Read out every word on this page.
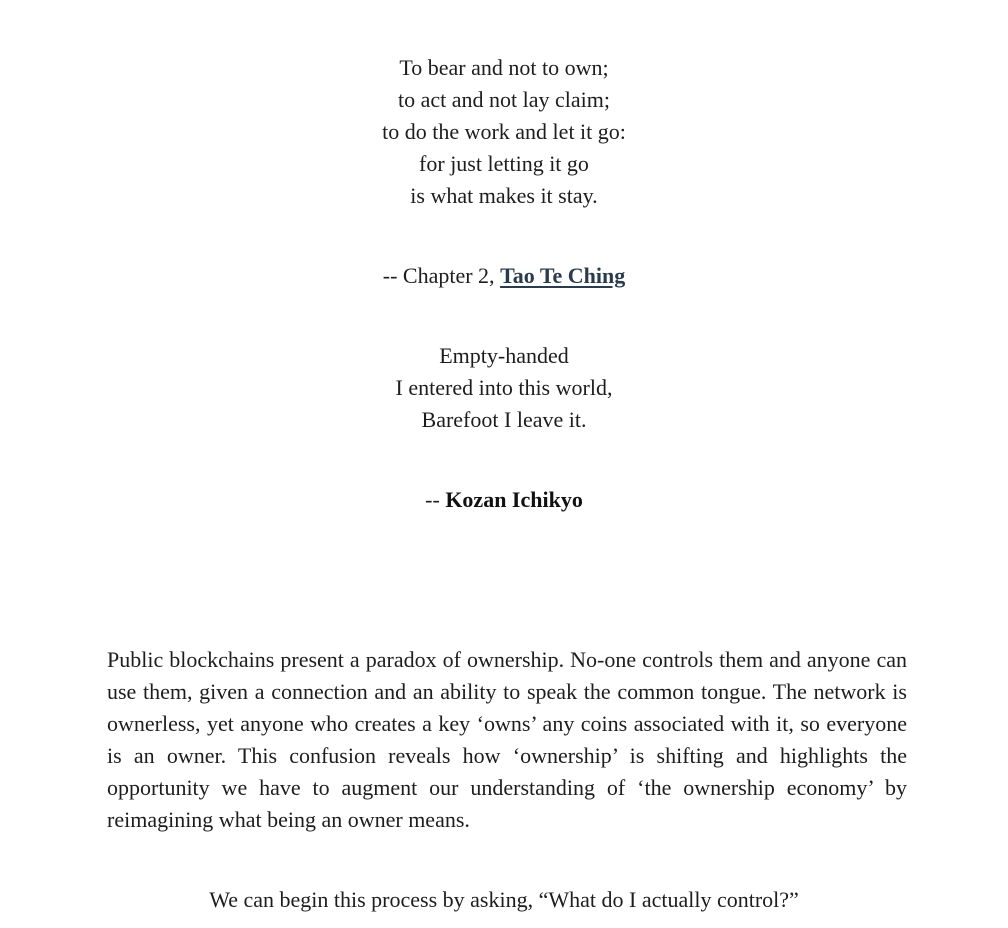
To bear and not to own;
to act and not lay claim;
to do the work and let it go:
for just letting it go
is what makes it stay.
-- Chapter 2, Tao Te Ching
Empty-handed
I entered into this world,
Barefoot I leave it.
-- Kozan Ichikyo

Public blockchains present a paradox of ownership. No-one controls them and anyone can use them, given a connection and an ability to speak the common tongue. The network is ownerless, yet anyone who creates a key ‘owns’ any coins associated with it, so everyone is an owner. This confusion reveals how ‘ownership’ is shifting and highlights the opportunity we have to augment our understanding of ‘the ownership economy’ by reimagining what being an owner means.

We can begin this process by asking, “What do I actually control?”
